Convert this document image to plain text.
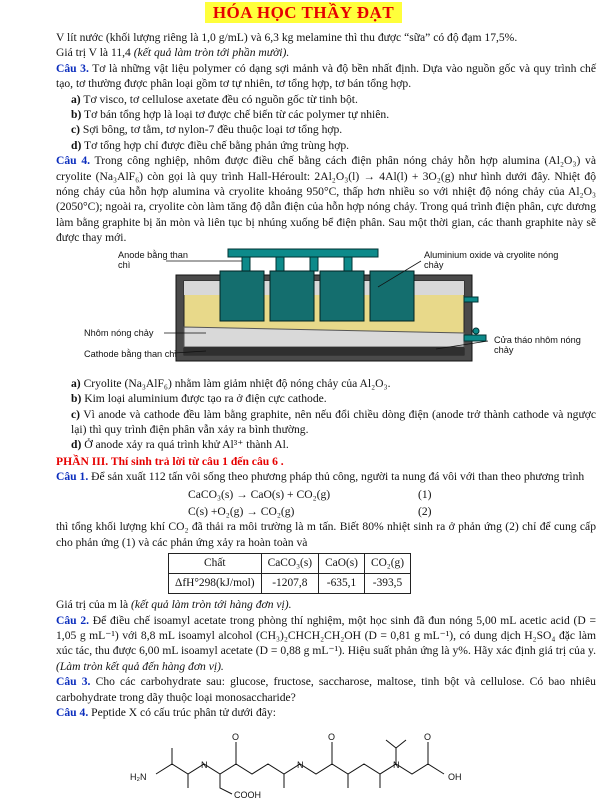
HÓA HỌC THẦY ĐẠT

V lít nước (khối lượng riêng là 1,0 g/mL) và 6,3 kg melamine thì thu được “sữa” có độ đạm 17,5%.

Giá trị V là 11,4 (kết quả làm tròn tới phần mười).

Câu 3. Tơ là những vật liệu polymer có dạng sợi mảnh và độ bền nhất định. Dựa vào nguồn gốc và quy trình chế tạo, tơ thường được phân loại gồm tơ tự nhiên, tơ tổng hợp, tơ bán tổng hợp.

a) Tơ visco, tơ cellulose axetate đều có nguồn gốc từ tinh bột.

b) Tơ bán tổng hợp là loại tơ được chế biến từ các polymer tự nhiên.

c) Sợi bông, tơ tằm, tơ nylon-7 đều thuộc loại tơ tổng hợp.

d) Tơ tổng hợp chỉ được điều chế bằng phản ứng trùng hợp.

Câu 4. Trong công nghiệp, nhôm được điều chế bằng cách điện phân nóng chảy hỗn hợp alumina (Al₂O₃) và cryolite (Na₃AlF₆) còn gọi là quy trình Hall-Héroult: 2Al₂O₃(l) → 4Al(l) + 3O₂(g) như hình dưới đây. Nhiệt độ nóng chảy của hỗn hợp alumina và cryolite khoảng 950°C, thấp hơn nhiều so với nhiệt độ nóng chảy của Al₂O₃ (2050°C); ngoài ra, cryolite còn làm tăng độ dẫn điện của hỗn hợp nóng chảy. Trong quá trình điện phân, cực dương làm bằng graphite bị ăn mòn và liên tục bị nhúng xuống bể điện phân. Sau một thời gian, các thanh graphite này sẽ được thay mới.

Anode bằng than chì
Aluminium oxide và cryolite nóng chảy
Nhôm nóng chảy
Cathode bằng than chì
Cửa tháo nhôm nóng chảy

a) Cryolite (Na₃AlF₆) nhằm làm giảm nhiệt độ nóng chảy của Al₂O₃.

b) Kim loại aluminium được tạo ra ở điện cực cathode.

c) Vì anode và cathode đều làm bằng graphite, nên nếu đổi chiều dòng điện (anode trở thành cathode và ngược lại) thì quy trình điện phân vẫn xảy ra bình thường.

d) Ở anode xảy ra quá trình khử Al³⁺ thành Al.

PHẦN III. Thí sinh trả lời từ câu 1 đến câu 6 .

Câu 1. Để sản xuất 112 tấn vôi sống theo phương pháp thủ công, người ta nung đá vôi với than theo phương trình

CaCO₃(s) → CaO(s) + CO₂(g)	(1)
C(s) +O₂(g) → CO₂(g)	(2)

thì tổng khối lượng khí CO₂ đã thải ra môi trường là m tấn. Biết 80% nhiệt sinh ra ở phản ứng (2) chỉ để cung cấp cho phản ứng (1) và các phản ứng xảy ra hoàn toàn và

Chất	CaCO₃(s)	CaO(s)	CO₂(g)
ΔfH°298(kJ/mol)	-1207,8	-635,1	-393,5

Giá trị của m là (kết quả làm tròn tới hàng đơn vị).

Câu 2. Để điều chế isoamyl acetate trong phòng thí nghiệm, một học sinh đã đun nóng 5,00 mL acetic acid (D = 1,05 g mL⁻¹) với 8,8 mL isoamyl alcohol (CH₃)₂CHCH₂CH₂OH (D = 0,81 g mL⁻¹), có dung dịch H₂SO₄ đặc làm xúc tác, thu được 6,00 mL isoamyl acetate (D = 0,88 g mL⁻¹). Hiệu suất phản ứng là y%. Hãy xác định giá trị của y. (Làm tròn kết quả đến hàng đơn vị).

Câu 3. Cho các carbohydrate sau: glucose, fructose, saccharose, maltose, tinh bột và cellulose. Có bao nhiêu carbohydrate trong dãy thuộc loại monosaccharide?

Câu 4. Peptide X có cấu trúc phân tử dưới đây:

H₂N
N	N	N
O	O	O
OH
COOH
